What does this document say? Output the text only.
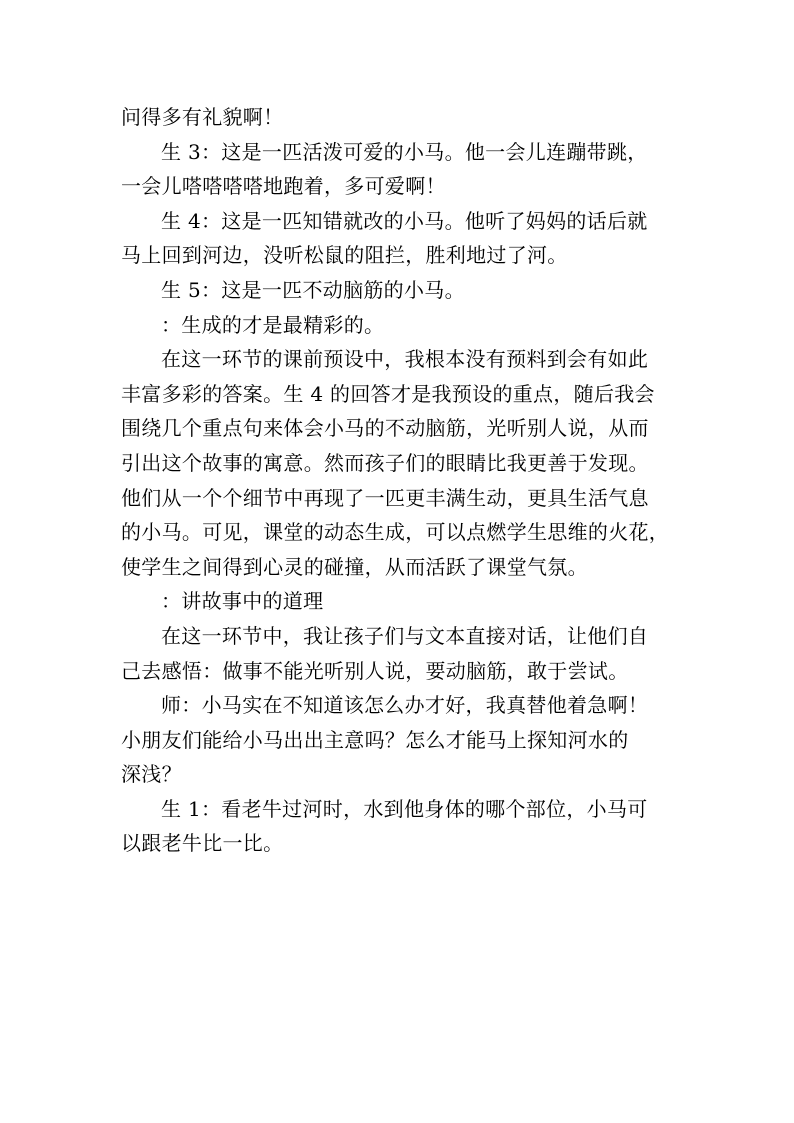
问得多有礼貌啊！
生 3：这是一匹活泼可爱的小马。他一会儿连蹦带跳，
一会儿嗒嗒嗒嗒地跑着，多可爱啊！
生 4：这是一匹知错就改的小马。他听了妈妈的话后就
马上回到河边，没听松鼠的阻拦，胜利地过了河。
生 5：这是一匹不动脑筋的小马。
：生成的才是最精彩的。
在这一环节的课前预设中，我根本没有预料到会有如此
丰富多彩的答案。生 4 的回答才是我预设的重点，随后我会
围绕几个重点句来体会小马的不动脑筋，光听别人说，从而
引出这个故事的寓意。然而孩子们的眼睛比我更善于发现。
他们从一个个细节中再现了一匹更丰满生动，更具生活气息
的小马。可见，课堂的动态生成，可以点燃学生思维的火花，
使学生之间得到心灵的碰撞，从而活跃了课堂气氛。
：讲故事中的道理
在这一环节中，我让孩子们与文本直接对话，让他们自
己去感悟：做事不能光听别人说，要动脑筋，敢于尝试。
师：小马实在不知道该怎么办才好，我真替他着急啊！
小朋友们能给小马出出主意吗？怎么才能马上探知河水的
深浅？
生 1：看老牛过河时，水到他身体的哪个部位，小马可
以跟老牛比一比。
